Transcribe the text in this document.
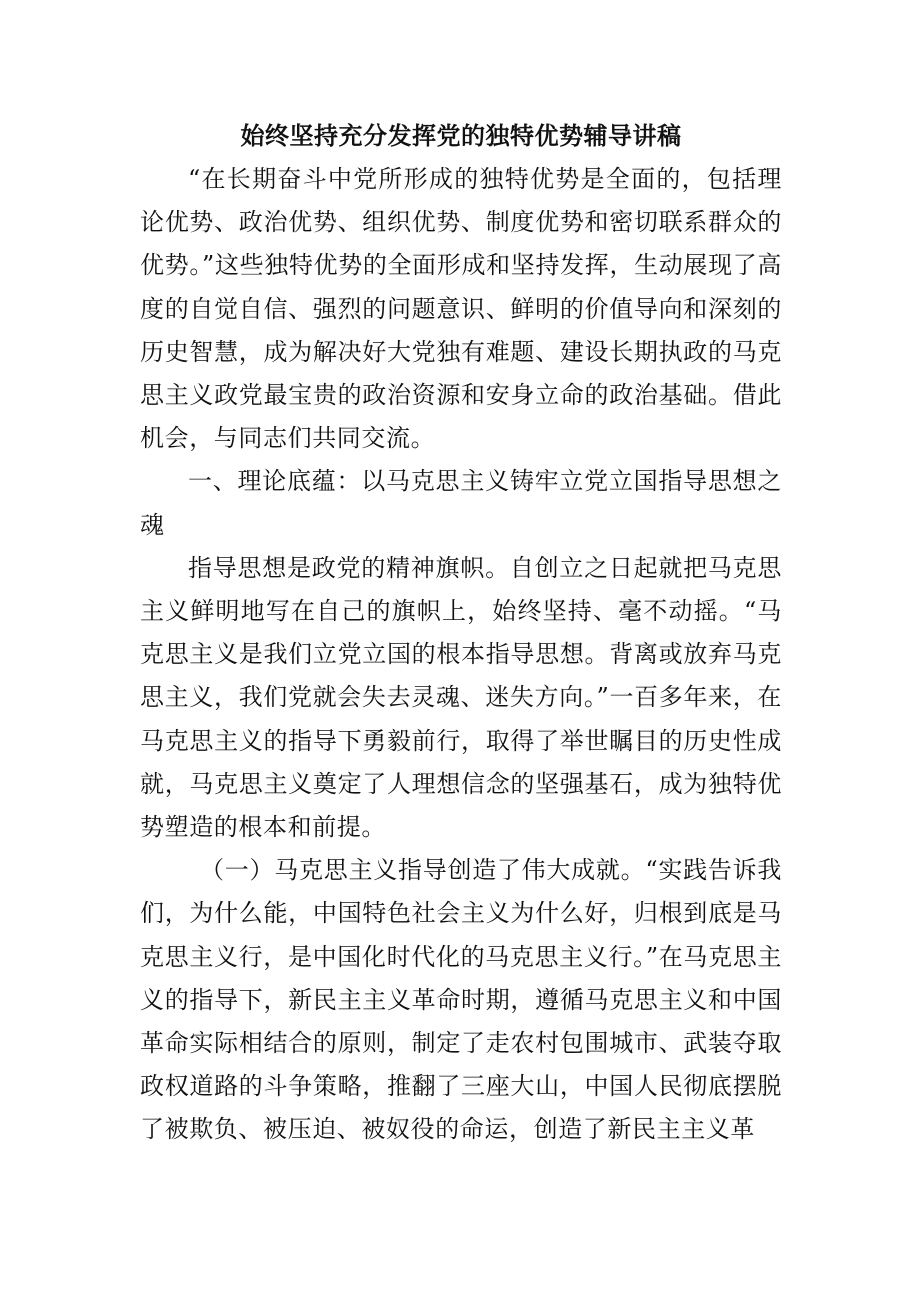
始终坚持充分发挥党的独特优势辅导讲稿

“在长期奋斗中党所形成的独特优势是全面的，包括理论优势、政治优势、组织优势、制度优势和密切联系群众的优势。”这些独特优势的全面形成和坚持发挥，生动展现了高度的自觉自信、强烈的问题意识、鲜明的价值导向和深刻的历史智慧，成为解决好大党独有难题、建设长期执政的马克思主义政党最宝贵的政治资源和安身立命的政治基础。借此机会，与同志们共同交流。

一、理论底蕴：以马克思主义铸牢立党立国指导思想之魂

指导思想是政党的精神旗帜。自创立之日起就把马克思主义鲜明地写在自己的旗帜上，始终坚持、毫不动摇。“马克思主义是我们立党立国的根本指导思想。背离或放弃马克思主义，我们党就会失去灵魂、迷失方向。”一百多年来，在马克思主义的指导下勇毅前行，取得了举世瞩目的历史性成就，马克思主义奠定了人理想信念的坚强基石，成为独特优势塑造的根本和前提。

（一）马克思主义指导创造了伟大成就。“实践告诉我们，为什么能，中国特色社会主义为什么好，归根到底是马克思主义行，是中国化时代化的马克思主义行。”在马克思主义的指导下，新民主主义革命时期，遵循马克思主义和中国革命实际相结合的原则，制定了走农村包围城市、武装夺取政权道路的斗争策略，推翻了三座大山，中国人民彻底摆脱了被欺负、被压迫、被奴役的命运，创造了新民主主义革
